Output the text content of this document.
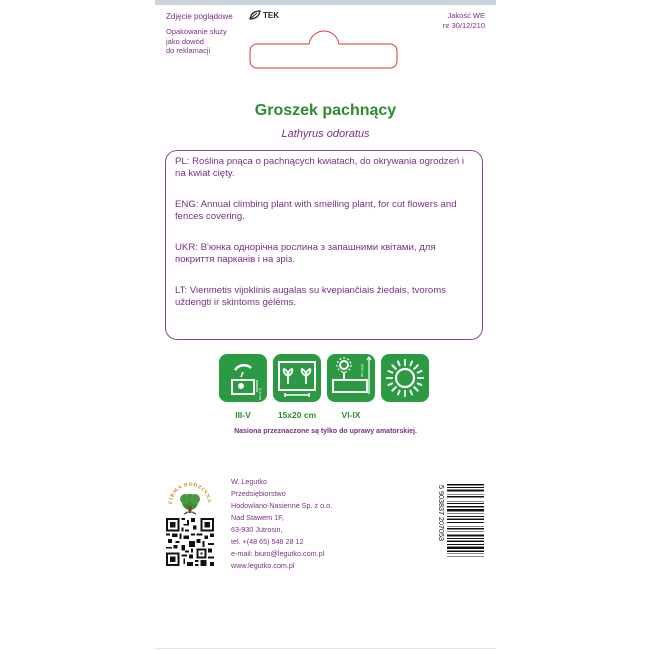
Zdjęcie poglądowe	TEK
Opakowanie służy
jako dowód
do reklamacji
Jakość WE
nr 30/12/210
Groszek pachnący
Lathyrus odoratus

PL: Roślina pnąca o pachnących kwiatach, do okrywania ogrodzeń i na kwiat cięty.

ENG: Annual climbing plant with smelling plant, for cut flowers and fences covering.

UKR: В'юнка однорічна рослина з запашними квітами, для покриття парканів і на зріз.

LT: Vienmetis vijoklinis augalas su kvepiančiais žiedais, tvoroms uždengti ir skintoms gėlėms.

3-4 cm
200 cm
III-V	15x20 cm	VI-IX
Nasiona przeznaczone są tylko do uprawy amatorskiej.
FIRMA RODZINNA
W. Legutko
Przedsiębiorstwo
Hodowlano-Nasienne Sp. z o.o.
Nad Stawem 1F,
63-930 Jutrosin,
tel. +(48 65) 548 28 12
e-mail: biuro@legutko.com.pl
www.legutko.com.pl
5 903837 207053
